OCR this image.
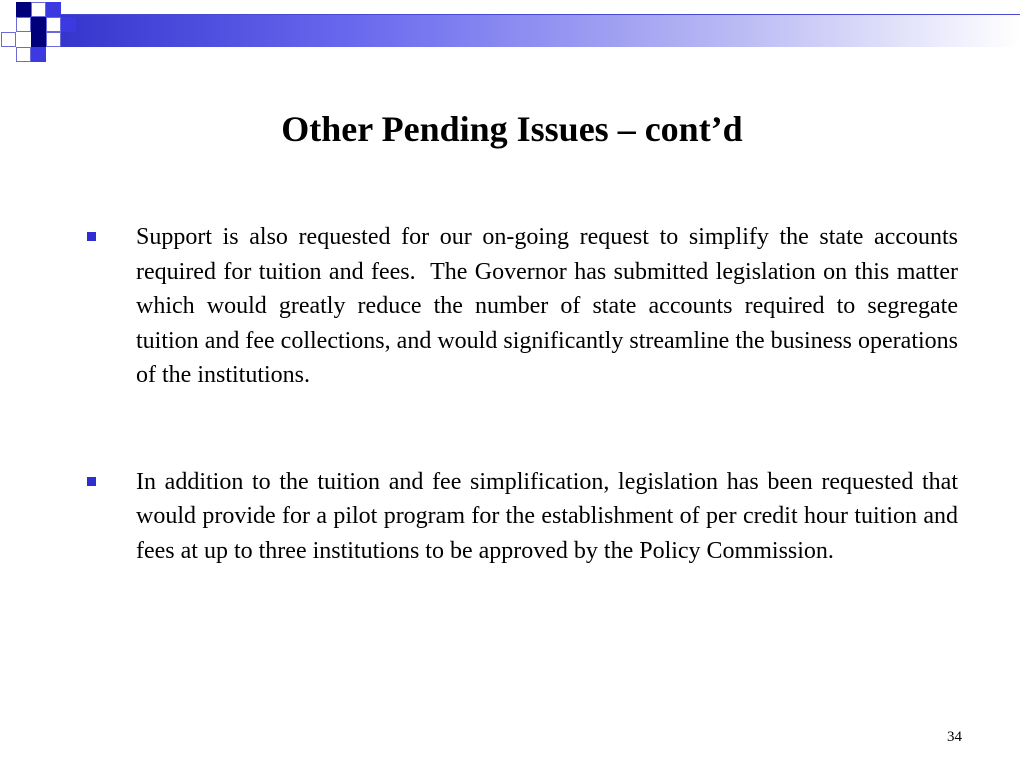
Other Pending Issues – cont’d
Support is also requested for our on-going request to simplify the state accounts required for tuition and fees.  The Governor has submitted legislation on this matter which would greatly reduce the number of state accounts required to segregate tuition and fee collections, and would significantly streamline the business operations of the institutions.
In addition to the tuition and fee simplification, legislation has been requested that would provide for a pilot program for the establishment of per credit hour tuition and fees at up to three institutions to be approved by the Policy Commission.
34
